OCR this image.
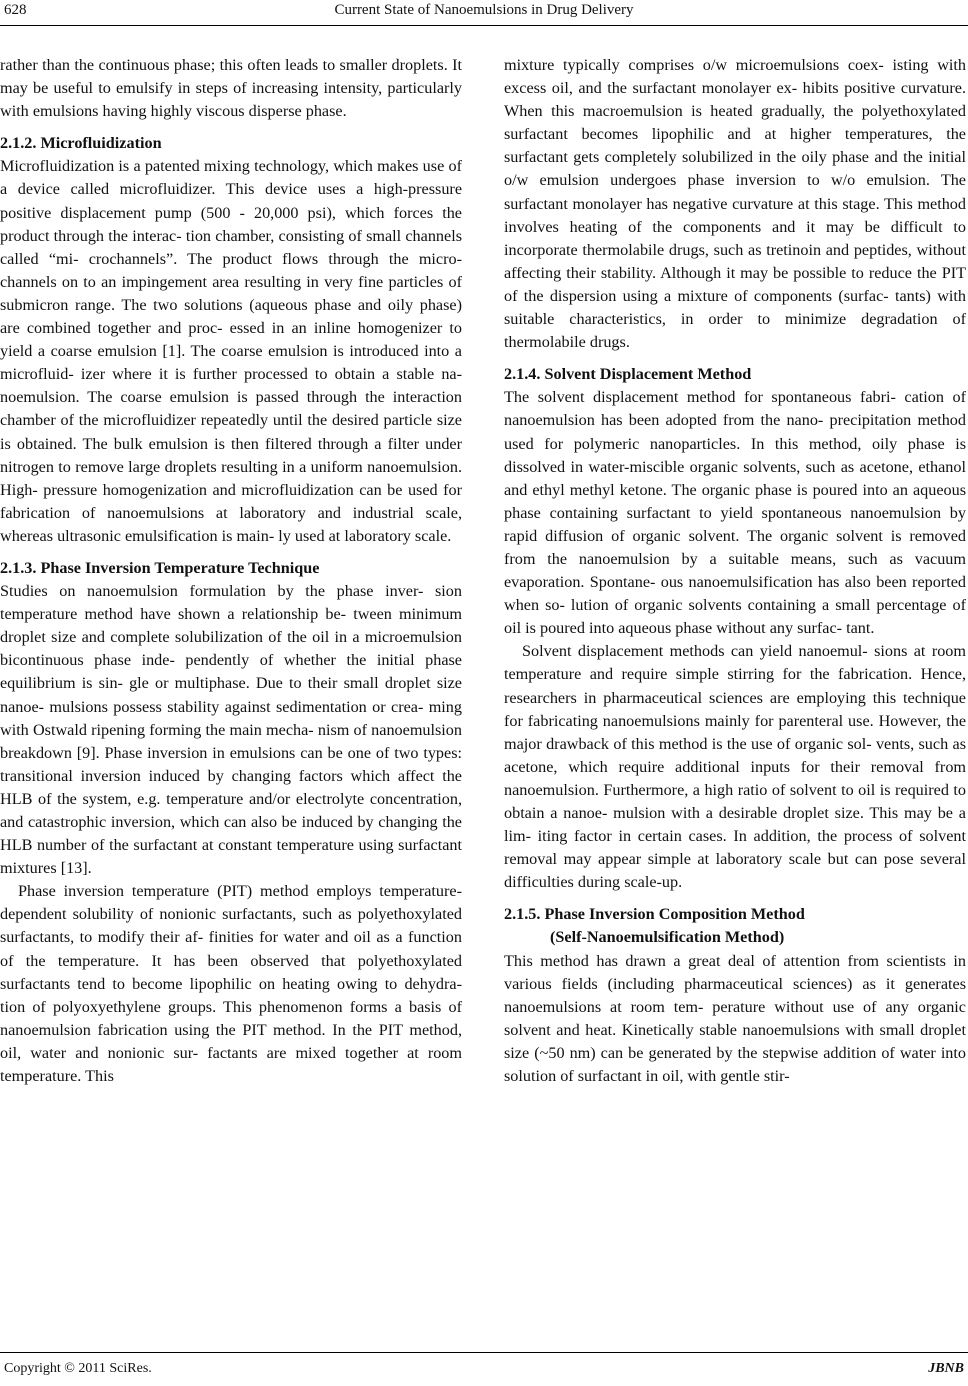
628	Current State of Nanoemulsions in Drug Delivery

rather than the continuous phase; this often leads to smaller droplets. It may be useful to emulsify in steps of increasing intensity, particularly with emulsions having highly viscous disperse phase.

2.1.2. Microfluidization

Microfluidization is a patented mixing technology, which makes use of a device called microfluidizer. This device uses a high-pressure positive displacement pump (500 - 20,000 psi), which forces the product through the interac- tion chamber, consisting of small channels called “mi- crochannels”. The product flows through the micro- channels on to an impingement area resulting in very fine particles of submicron range. The two solutions (aqueous phase and oily phase) are combined together and proc- essed in an inline homogenizer to yield a coarse emulsion [1]. The coarse emulsion is introduced into a microfluid- izer where it is further processed to obtain a stable na- noemulsion. The coarse emulsion is passed through the interaction chamber of the microfluidizer repeatedly until the desired particle size is obtained. The bulk emulsion is then filtered through a filter under nitrogen to remove large droplets resulting in a uniform nanoemulsion. High- pressure homogenization and microfluidization can be used for fabrication of nanoemulsions at laboratory and industrial scale, whereas ultrasonic emulsification is main- ly used at laboratory scale.

2.1.3. Phase Inversion Temperature Technique

Studies on nanoemulsion formulation by the phase inver- sion temperature method have shown a relationship be- tween minimum droplet size and complete solubilization of the oil in a microemulsion bicontinuous phase inde- pendently of whether the initial phase equilibrium is sin- gle or multiphase. Due to their small droplet size nanoe- mulsions possess stability against sedimentation or crea- ming with Ostwald ripening forming the main mecha- nism of nanoemulsion breakdown [9]. Phase inversion in emulsions can be one of two types: transitional inversion induced by changing factors which affect the HLB of the system, e.g. temperature and/or electrolyte concentration, and catastrophic inversion, which can also be induced by changing the HLB number of the surfactant at constant temperature using surfactant mixtures [13].

Phase inversion temperature (PIT) method employs temperature-dependent solubility of nonionic surfactants, such as polyethoxylated surfactants, to modify their af- finities for water and oil as a function of the temperature. It has been observed that polyethoxylated surfactants tend to become lipophilic on heating owing to dehydra- tion of polyoxyethylene groups. This phenomenon forms a basis of nanoemulsion fabrication using the PIT method. In the PIT method, oil, water and nonionic sur- factants are mixed together at room temperature. This

mixture typically comprises o/w microemulsions coex- isting with excess oil, and the surfactant monolayer ex- hibits positive curvature. When this macroemulsion is heated gradually, the polyethoxylated surfactant becomes lipophilic and at higher temperatures, the surfactant gets completely solubilized in the oily phase and the initial o/w emulsion undergoes phase inversion to w/o emulsion. The surfactant monolayer has negative curvature at this stage. This method involves heating of the components and it may be difficult to incorporate thermolabile drugs, such as tretinoin and peptides, without affecting their stability. Although it may be possible to reduce the PIT of the dispersion using a mixture of components (surfac- tants) with suitable characteristics, in order to minimize degradation of thermolabile drugs.

2.1.4. Solvent Displacement Method

The solvent displacement method for spontaneous fabri- cation of nanoemulsion has been adopted from the nano- precipitation method used for polymeric nanoparticles. In this method, oily phase is dissolved in water-miscible organic solvents, such as acetone, ethanol and ethyl methyl ketone. The organic phase is poured into an aqueous phase containing surfactant to yield spontaneous nanoemulsion by rapid diffusion of organic solvent. The organic solvent is removed from the nanoemulsion by a suitable means, such as vacuum evaporation. Spontane- ous nanoemulsification has also been reported when so- lution of organic solvents containing a small percentage of oil is poured into aqueous phase without any surfac- tant.

Solvent displacement methods can yield nanoemul- sions at room temperature and require simple stirring for the fabrication. Hence, researchers in pharmaceutical sciences are employing this technique for fabricating nanoemulsions mainly for parenteral use. However, the major drawback of this method is the use of organic sol- vents, such as acetone, which require additional inputs for their removal from nanoemulsion. Furthermore, a high ratio of solvent to oil is required to obtain a nanoe- mulsion with a desirable droplet size. This may be a lim- iting factor in certain cases. In addition, the process of solvent removal may appear simple at laboratory scale but can pose several difficulties during scale-up.

2.1.5. Phase Inversion Composition Method
(Self-Nanoemulsification Method)

This method has drawn a great deal of attention from scientists in various fields (including pharmaceutical sciences) as it generates nanoemulsions at room tem- perature without use of any organic solvent and heat. Kinetically stable nanoemulsions with small droplet size (~50 nm) can be generated by the stepwise addition of water into solution of surfactant in oil, with gentle stir-

Copyright © 2011 SciRes.	JBNB
